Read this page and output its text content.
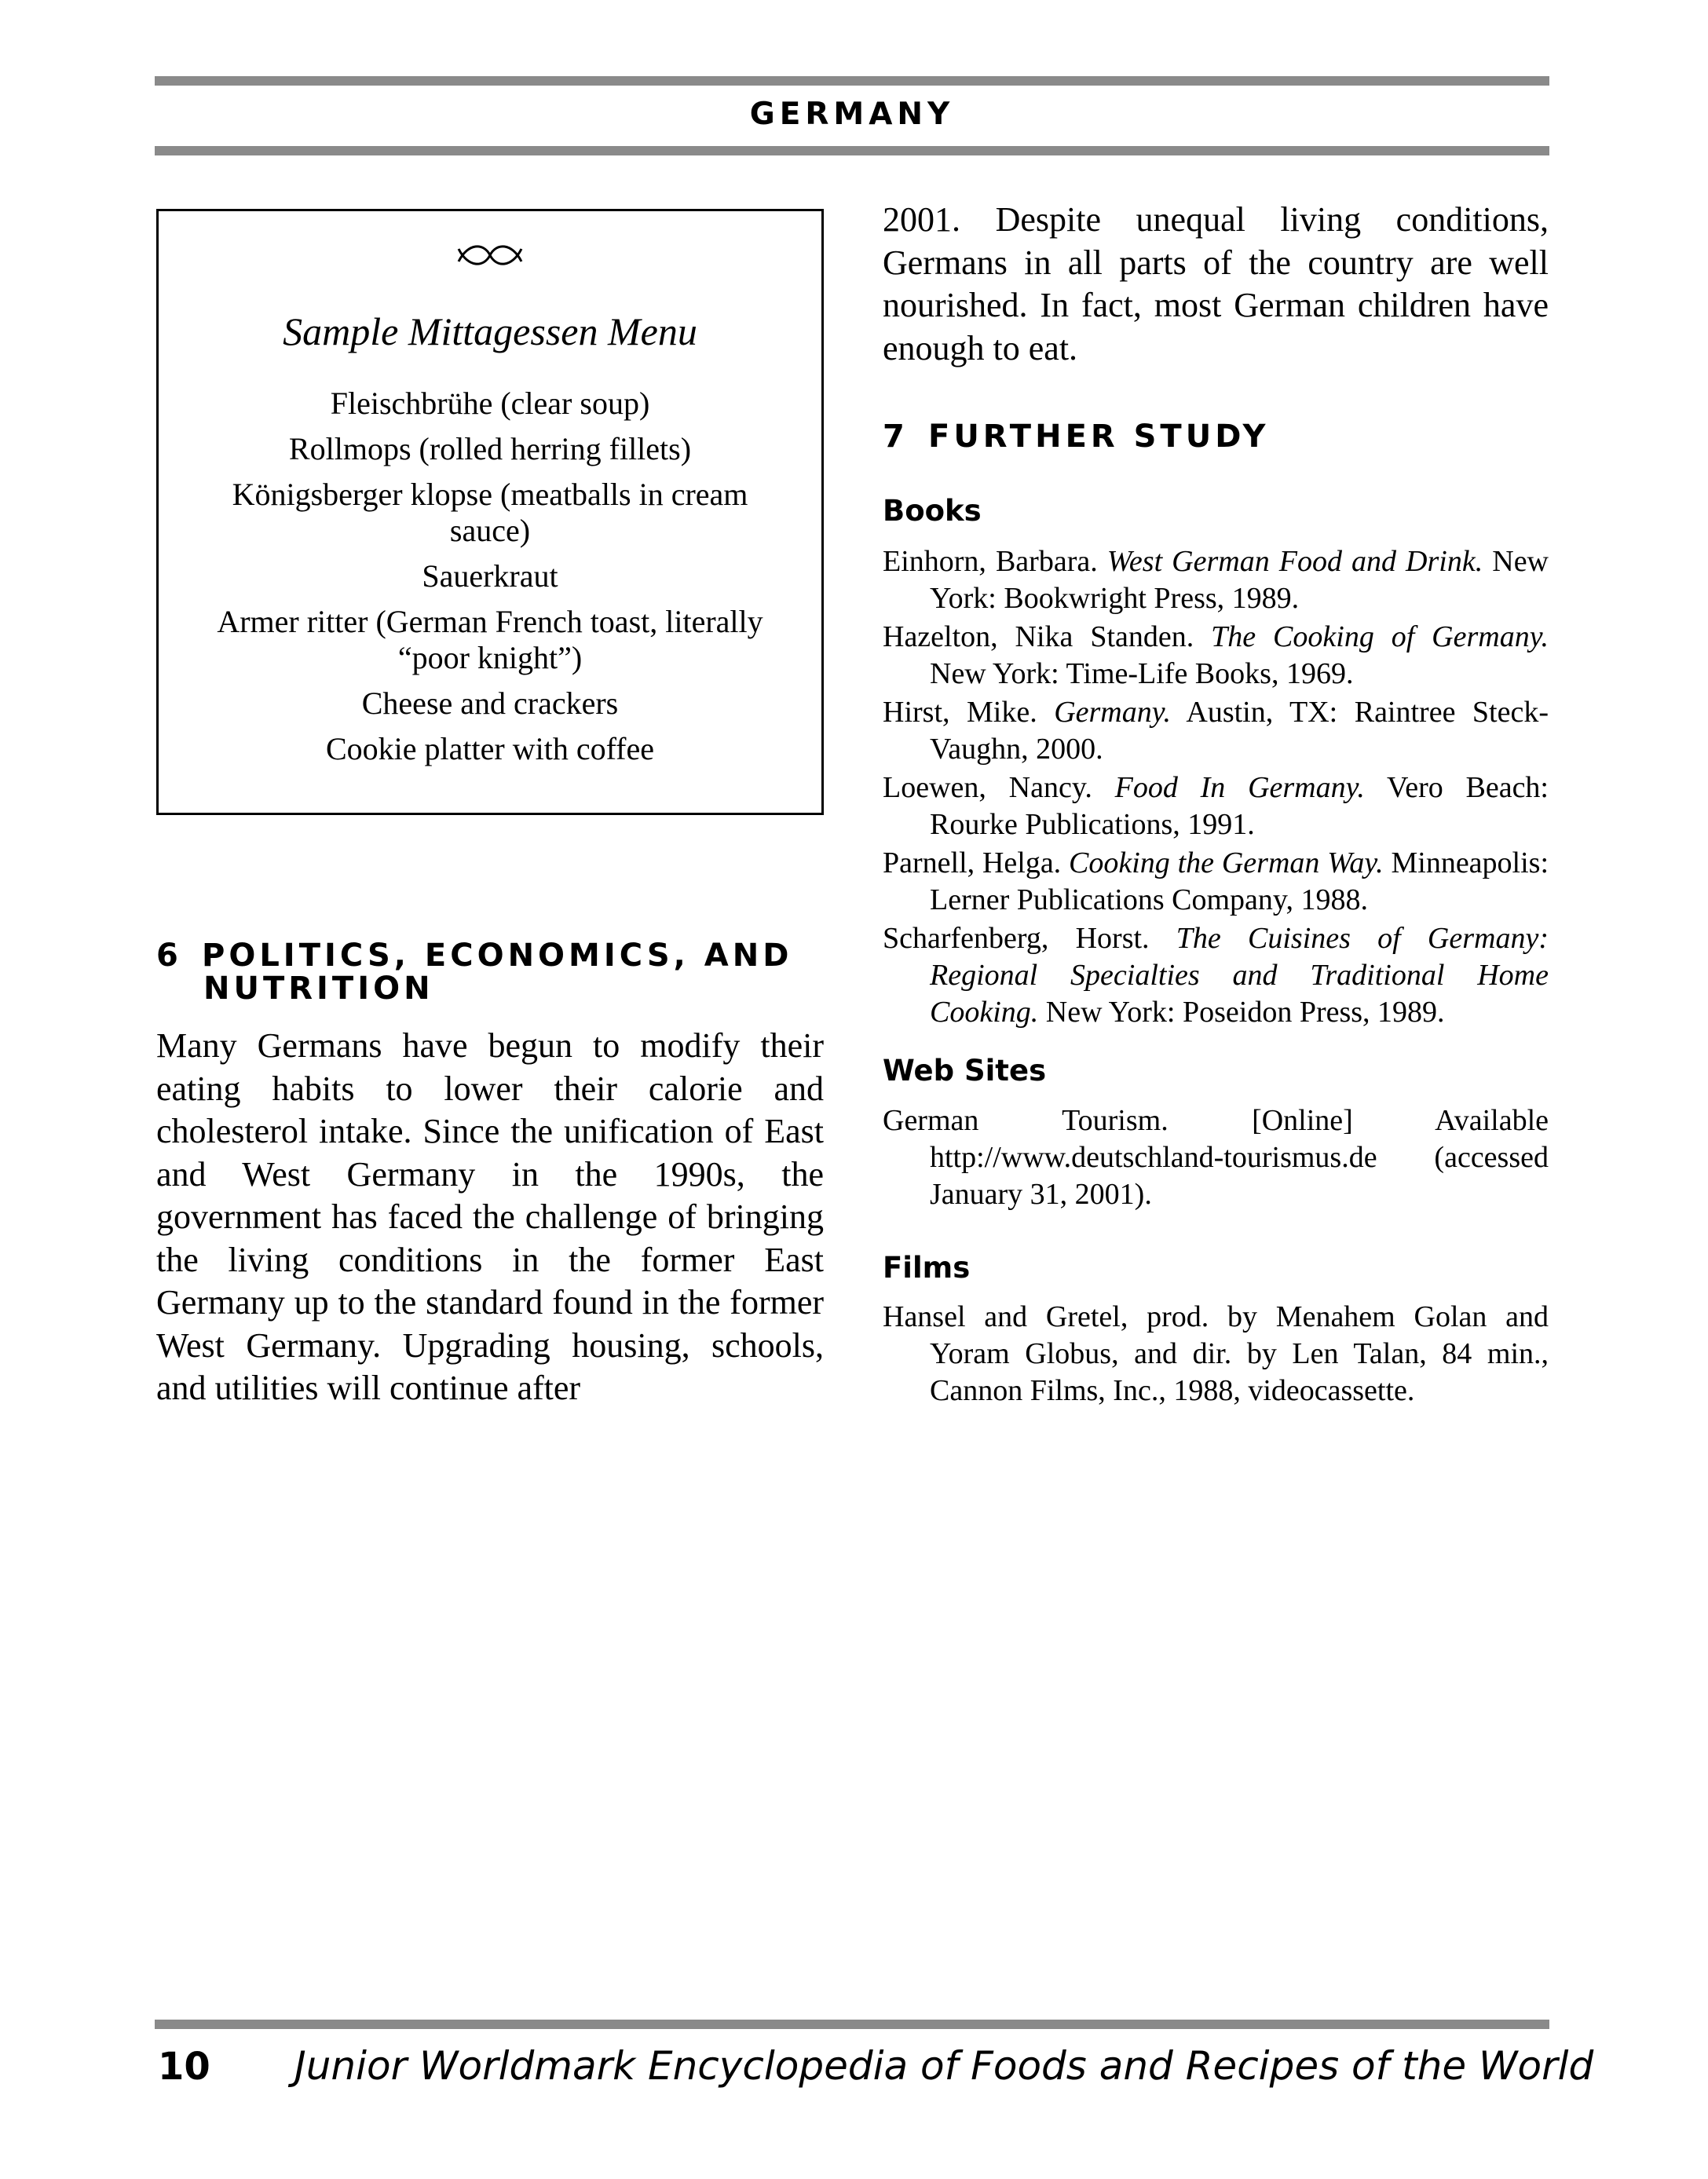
GERMANY
Sample Mittagessen Menu
Fleischbrühe (clear soup)
Rollmops (rolled herring fillets)
Königsberger klopse (meatballs in cream sauce)
Sauerkraut
Armer ritter (German French toast, literally “poor knight”)
Cheese and crackers
Cookie platter with coffee
6 POLITICS, ECONOMICS, AND
NUTRITION

Many Germans have begun to modify their eating habits to lower their calorie and cholesterol intake. Since the unification of East and West Germany in the 1990s, the government has faced the challenge of bringing the living conditions in the former East Germany up to the standard found in the former West Germany. Upgrading housing, schools, and utilities will continue after

2001. Despite unequal living conditions, Germans in all parts of the country are well nourished. In fact, most German children have enough to eat.

7 FURTHER STUDY
Books
Einhorn, Barbara. West German Food and Drink. New York: Bookwright Press, 1989.
Hazelton, Nika Standen. The Cooking of Germany. New York: Time-Life Books, 1969.
Hirst, Mike. Germany. Austin, TX: Raintree Steck-Vaughn, 2000.
Loewen, Nancy. Food In Germany. Vero Beach: Rourke Publications, 1991.
Parnell, Helga. Cooking the German Way. Minneapolis: Lerner Publications Company, 1988.
Scharfenberg, Horst. The Cuisines of Germany: Regional Specialties and Traditional Home Cooking. New York: Poseidon Press, 1989.
Web Sites
German Tourism. [Online] Available http://www.deutschland-tourismus.de (accessed January 31, 2001).
Films
Hansel and Gretel, prod. by Menahem Golan and Yoram Globus, and dir. by Len Talan, 84 min., Cannon Films, Inc., 1988, videocassette.
10 Junior Worldmark Encyclopedia of Foods and Recipes of the World
